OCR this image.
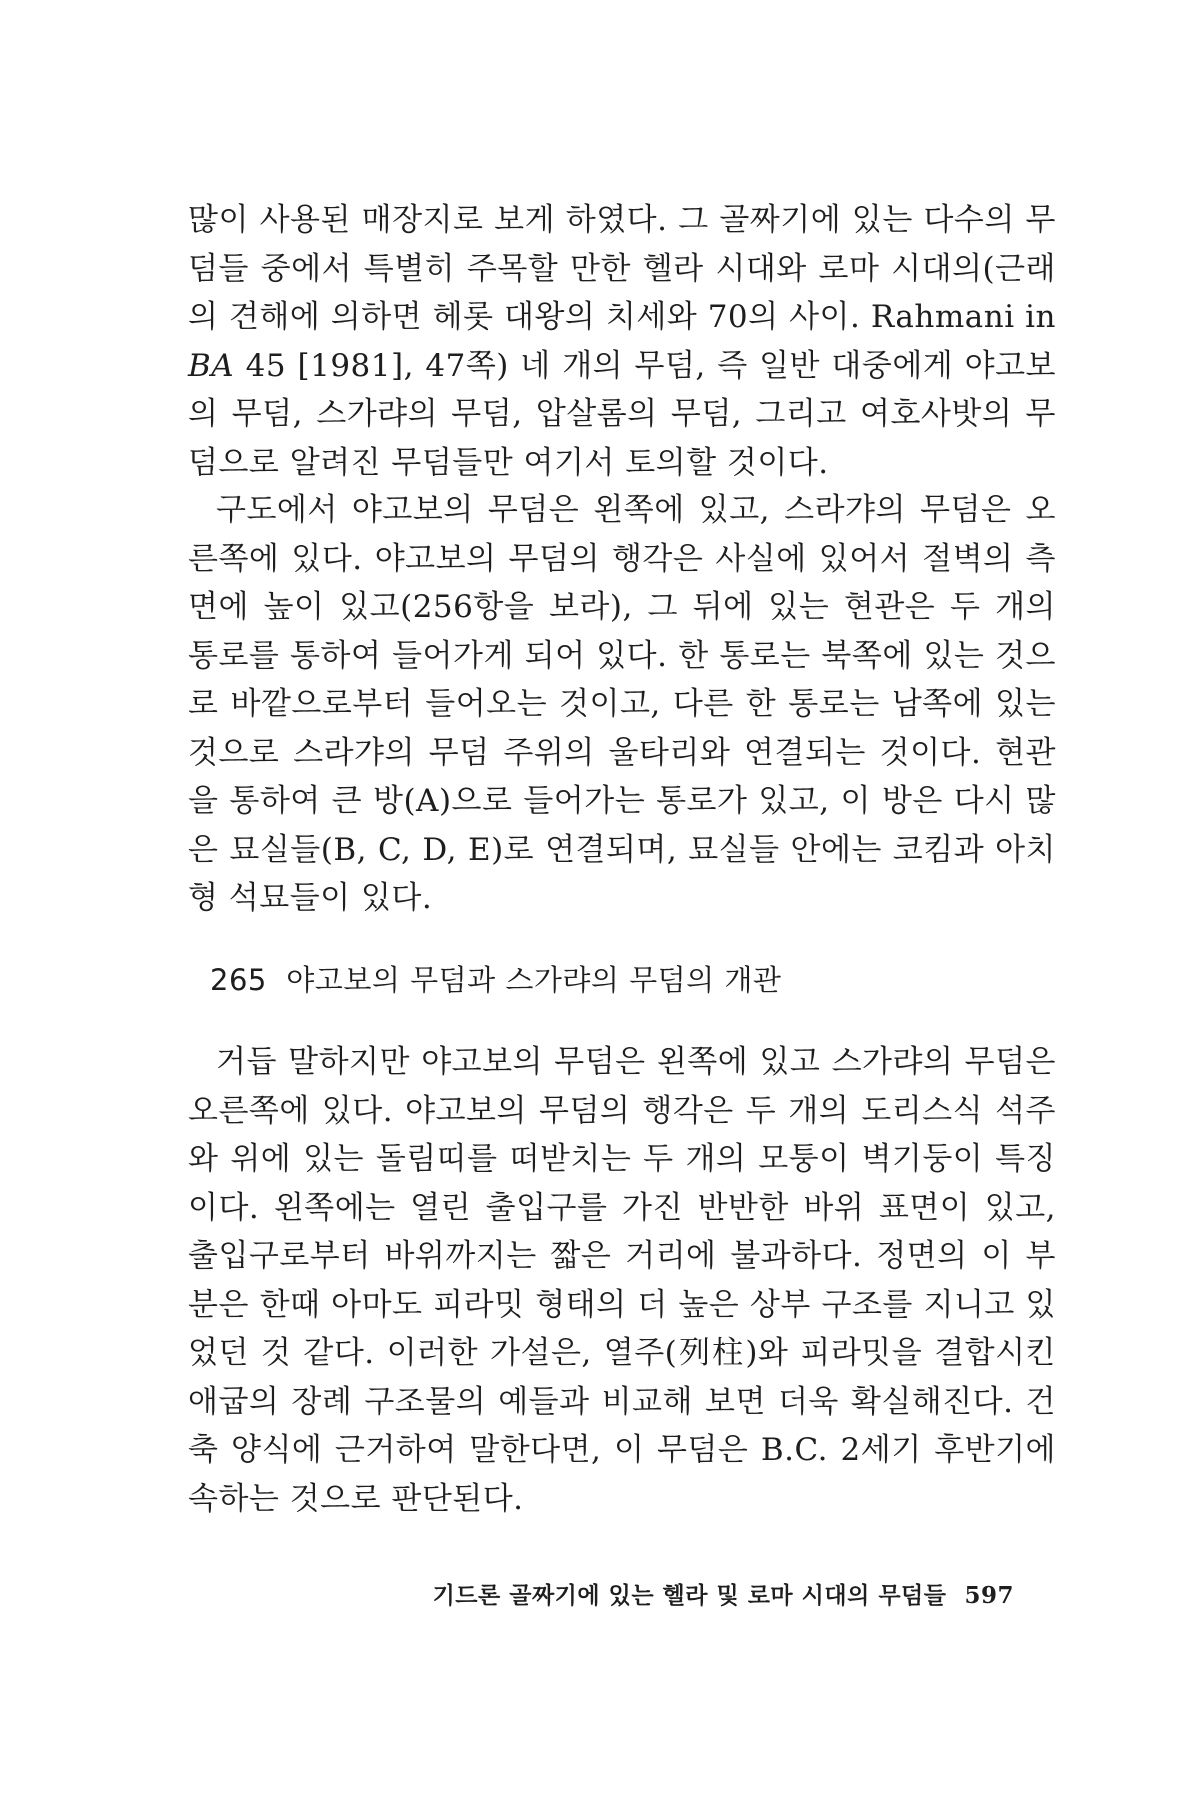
많이 사용된 매장지로 보게 하였다. 그 골짜기에 있는 다수의 무덤들 중에서 특별히 주목할 만한 헬라 시대와 로마 시대의(근래의 견해에 의하면 헤롯 대왕의 치세와 70의 사이. Rahmani in BA 45 [1981], 47쪽) 네 개의 무덤, 즉 일반 대중에게 야고보의 무덤, 스가랴의 무덤, 압살롬의 무덤, 그리고 여호사밧의 무덤으로 알려진 무덤들만 여기서 토의할 것이다.

구도에서 야고보의 무덤은 왼쪽에 있고, 스라갸의 무덤은 오른쪽에 있다. 야고보의 무덤의 행각은 사실에 있어서 절벽의 측면에 높이 있고(256항을 보라), 그 뒤에 있는 현관은 두 개의 통로를 통하여 들어가게 되어 있다. 한 통로는 북쪽에 있는 것으로 바깥으로부터 들어오는 것이고, 다른 한 통로는 남쪽에 있는 것으로 스라갸의 무덤 주위의 울타리와 연결되는 것이다. 현관을 통하여 큰 방(A)으로 들어가는 통로가 있고, 이 방은 다시 많은 묘실들(B, C, D, E)로 연결되며, 묘실들 안에는 코킴과 아치형 석묘들이 있다.

265 야고보의 무덤과 스가랴의 무덤의 개관

거듭 말하지만 야고보의 무덤은 왼쪽에 있고 스가랴의 무덤은 오른쪽에 있다. 야고보의 무덤의 행각은 두 개의 도리스식 석주와 위에 있는 돌림띠를 떠받치는 두 개의 모퉁이 벽기둥이 특징이다. 왼쪽에는 열린 출입구를 가진 반반한 바위 표면이 있고, 출입구로부터 바위까지는 짧은 거리에 불과하다. 정면의 이 부분은 한때 아마도 피라밋 형태의 더 높은 상부 구조를 지니고 있었던 것 같다. 이러한 가설은, 열주(列柱)와 피라밋을 결합시킨 애굽의 장례 구조물의 예들과 비교해 보면 더욱 확실해진다. 건축 양식에 근거하여 말한다면, 이 무덤은 B.C. 2세기 후반기에 속하는 것으로 판단된다.

기드론 골짜기에 있는 헬라 및 로마 시대의 무덤들 597
